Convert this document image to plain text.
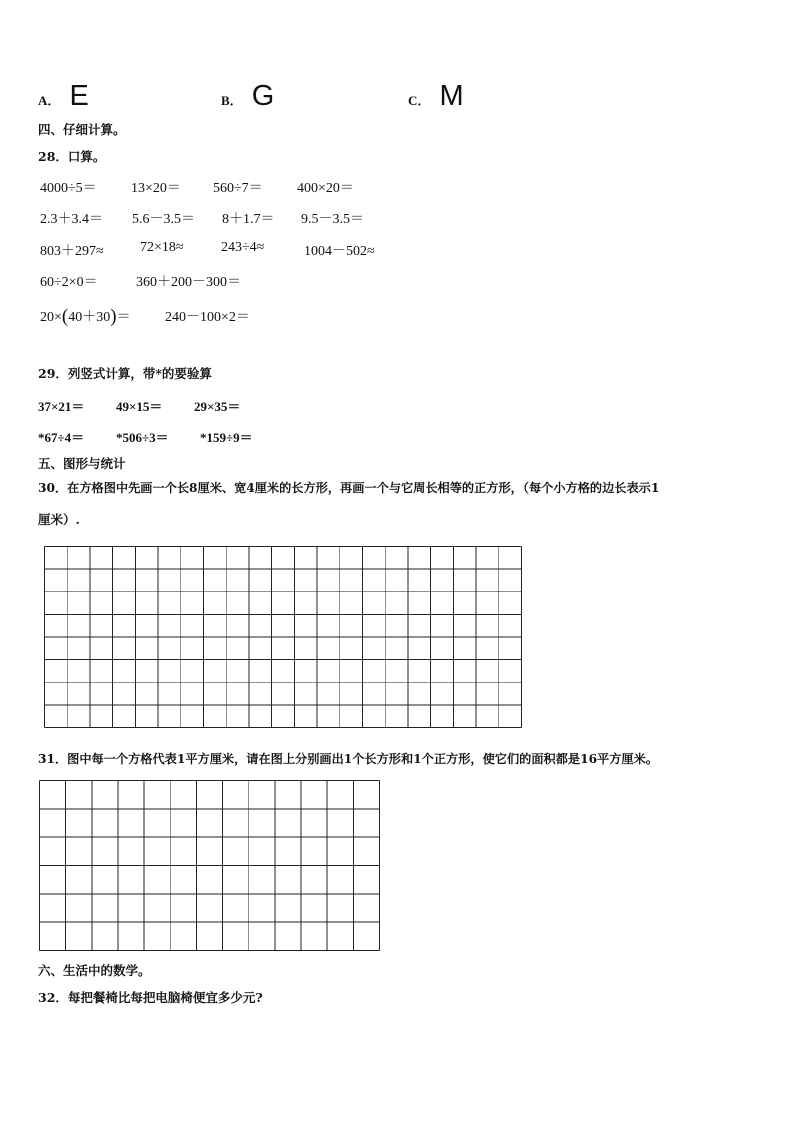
A． E	B． G	C． M
四、仔细计算。
28．口算。
4000÷5＝	13×20＝	560÷7＝	400×20＝
2.3＋3.4＝	5.6－3.5＝	8＋1.7＝	9.5－3.5＝
803＋297≈	72×18≈	243÷4≈	1004－502≈
60÷2×0＝	360＋200－300＝
20×(40＋30)＝	240－100×2＝
29．列竖式计算，带*的要验算
37×21＝	49×15＝	29×35＝
*67÷4＝	*506÷3＝	*159÷9＝
五、图形与统计
30．在方格图中先画一个长8厘米、宽4厘米的长方形，再画一个与它周长相等的正方形，（每个小方格的边长表示1
厘米）.
31．图中每一个方格代表1平方厘米，请在图上分别画出1个长方形和1个正方形，使它们的面积都是16平方厘米。
六、生活中的数学。
32．每把餐椅比每把电脑椅便宜多少元?
